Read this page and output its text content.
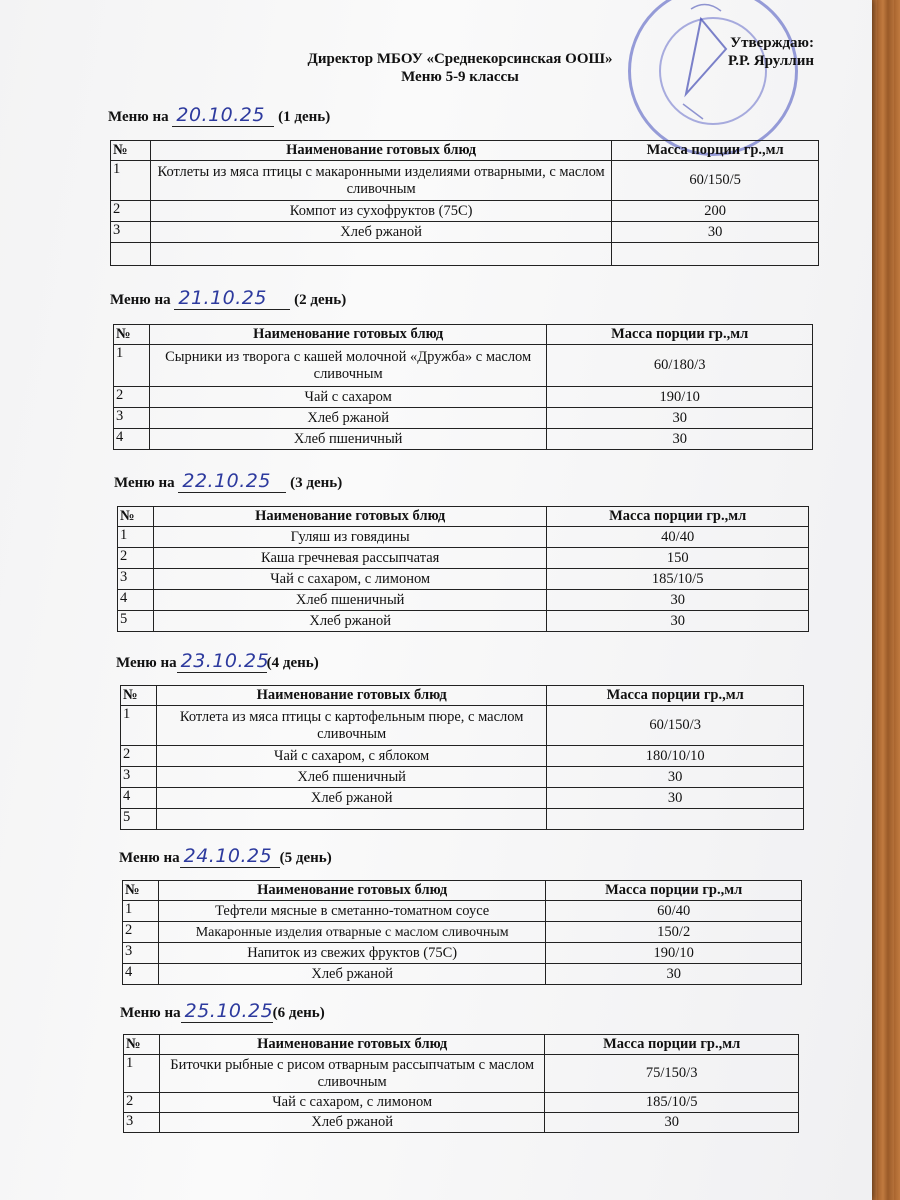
Утверждаю:
Р.Р. Яруллин
Директор МБОУ «Среднекорсинская ООШ»
Меню 5-9 классы
Меню на 20.10.25 (1 день)
№	Наименование готовых блюд	Масса порции гр.,мл
1	Котлеты из мяса птицы с макаронными изделиями отварными, с маслом сливочным	60/150/5
2	Компот из сухофруктов (75С)	200
3	Хлеб ржаной	30

Меню на 21.10.25 (2 день)
№	Наименование готовых блюд	Масса порции гр.,мл
1	Сырники из творога с кашей молочной «Дружба» с маслом сливочным	60/180/3
2	Чай с сахаром	190/10
3	Хлеб ржаной	30
4	Хлеб пшеничный	30
Меню на 22.10.25 (3 день)
№	Наименование готовых блюд	Масса порции гр.,мл
1	Гуляш из говядины	40/40
2	Каша гречневая рассыпчатая	150
3	Чай с сахаром, с лимоном	185/10/5
4	Хлеб пшеничный	30
5	Хлеб ржаной	30
Меню на 23.10.25(4 день)
№	Наименование готовых блюд	Масса порции гр.,мл
1	Котлета из мяса птицы с картофельным пюре, с маслом сливочным	60/150/3
2	Чай с сахаром, с яблоком	180/10/10
3	Хлеб пшеничный	30
4	Хлеб ржаной	30
5		
Меню на 24.10.25 (5 день)
№	Наименование готовых блюд	Масса порции гр.,мл
1	Тефтели мясные в сметанно-томатном соусе	60/40
2	Макаронные изделия отварные с маслом сливочным	150/2
3	Напиток из свежих фруктов (75С)	190/10
4	Хлеб ржаной	30
Меню на 25.10.25(6 день)
№	Наименование готовых блюд	Масса порции гр.,мл
1	Биточки рыбные с рисом отварным рассыпчатым с маслом сливочным	75/150/3
2	Чай с сахаром, с лимоном	185/10/5
3	Хлеб ржаной	30
